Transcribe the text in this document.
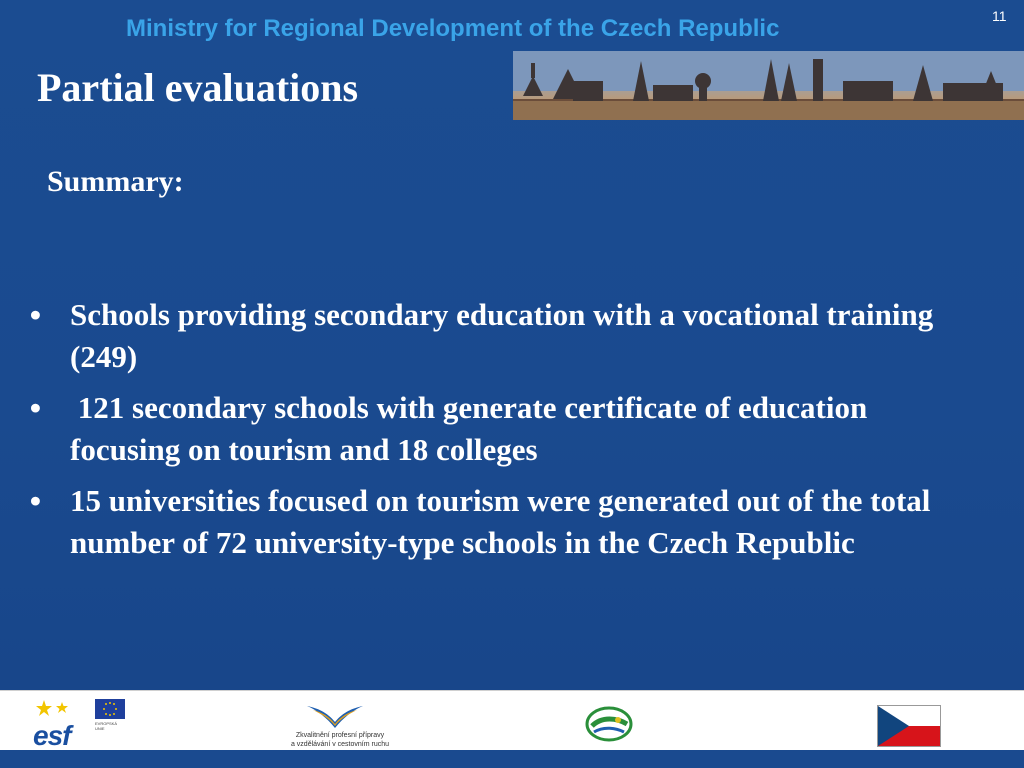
Ministry for Regional Development of the Czech Republic	11
Partial evaluations
Summary:
• Schools providing secondary education with a vocational training (249)
• 121 secondary schools with generate certificate of education focusing on tourism and 18 colleges
• 15 universities focused on tourism were generated out of the total number of 72 university-type schools in the Czech Republic
esf	EVROPSKÁ UNIE
Zkvalitnění profesní přípravy
a vzdělávání v cestovním ruchu
